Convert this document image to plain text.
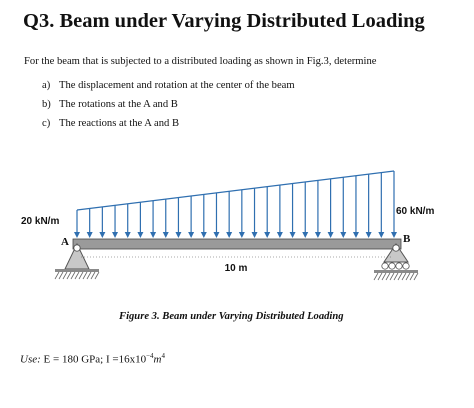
Q3. Beam under Varying Distributed Loading
For the beam that is subjected to a distributed loading as shown in Fig.3, determine
a) The displacement and rotation at the center of the beam
b) The rotations at the A and B
c) The reactions at the A and B
20 kN/m
60 kN/m
A	B
10 m
Figure 3. Beam under Varying Distributed Loading
Use: E = 180 GPa; $I =16x10^{-4}m^4$
